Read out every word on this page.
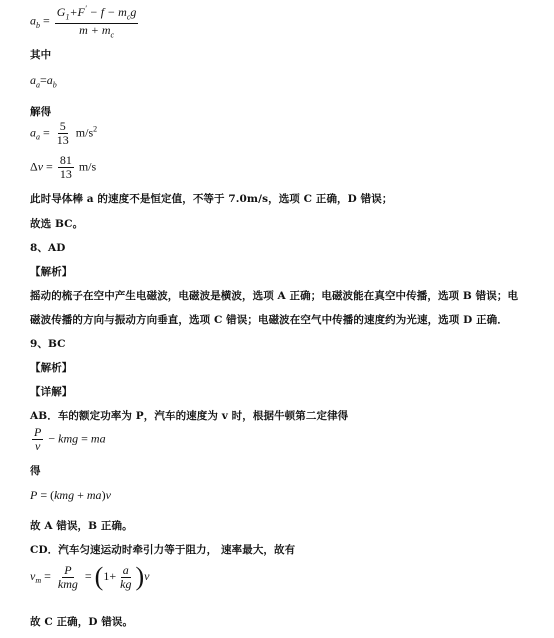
$a_b = \frac{G_1+F' - f - m_cg}{m + m_c}$
其中
$a_a=a_b$
解得
$a_a = \frac{5}{13} m/s^2$
$\Delta v = \frac{81}{13} m/s$
此时导体棒 a 的速度不是恒定值，不等于 7.0m/s，选项 C 正确，D 错误；
故选 BC。
8、AD
【解析】
摇动的梳子在空中产生电磁波，电磁波是横波，选项 A 正确；电磁波能在真空中传播，选项 B 错误；电
磁波传播的方向与振动方向垂直，选项 C 错误；电磁波在空气中传播的速度约为光速，选项 D 正确．
9、BC
【解析】
【详解】
AB．车的额定功率为 P，汽车的速度为 v 时，根据牛顿第二定律得
$\frac{P}{v}$ − kmg = ma
得
P = (kmg + ma)v
故 A 错误，B 正确。
CD．汽车匀速运动时牵引力等于阻力， 速率最大，故有
$v_m = \frac{P}{\text{kmg}} = (1+ \frac{a}{kg} )v$
故 C 正确，D 错误。
